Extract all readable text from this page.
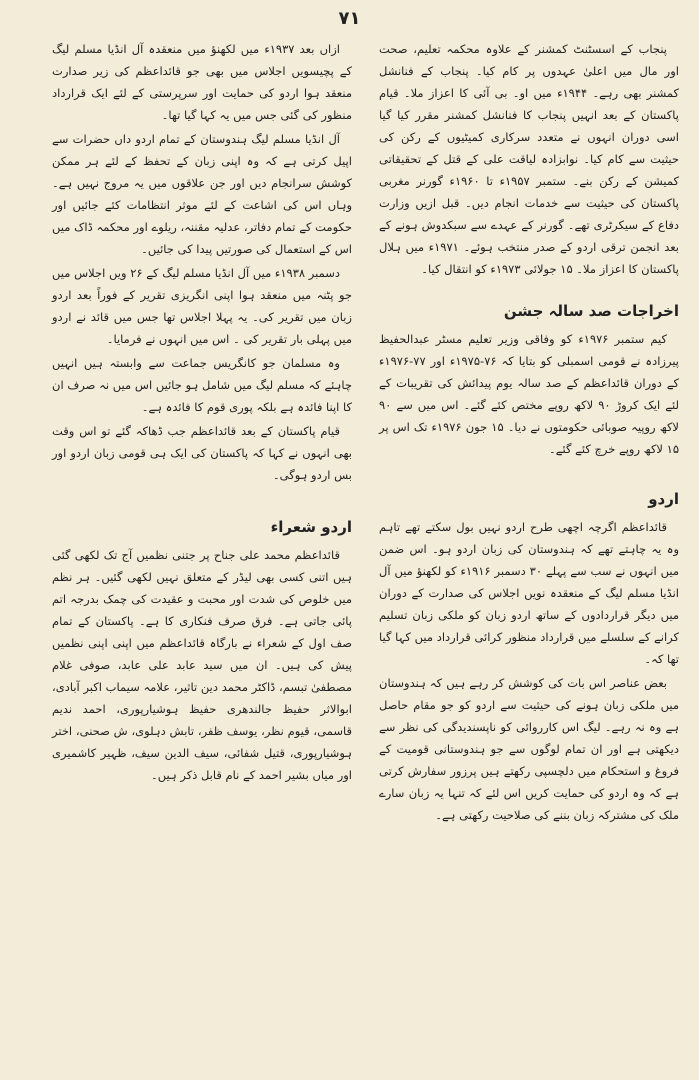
۷۱

پنجاب کے اسسٹنٹ کمشنر کے علاوہ محکمہ تعلیم، صحت اور مال میں اعلیٰ عہدوں پر کام کیا۔ پنجاب کے فنانشل کمشنر بھی رہے۔ ۱۹۴۴ء میں او۔ بی آئی کا اعزاز ملا۔ قیام پاکستان کے بعد انہیں پنجاب کا فنانشل کمشنر مقرر کیا گیا اسی دوران انہوں نے متعدد سرکاری کمیٹیوں کے رکن کی حیثیت سے کام کیا۔ نوابزادہ لیاقت علی کے قتل کے تحقیقاتی کمیشن کے رکن بنے۔ ستمبر ۱۹۵۷ء تا ۱۹۶۰ء گورنر مغربی پاکستان کی حیثیت سے خدمات انجام دیں۔ قبل ازیں وزارت دفاع کے سیکرٹری تھے۔ گورنر کے عہدے سے سبکدوش ہونے کے بعد انجمن ترقی اردو کے صدر منتخب ہوئے۔ ۱۹۷۱ء میں ہلال پاکستان کا اعزاز ملا۔ ۱۵ جولائی ۱۹۷۳ء کو انتقال کیا۔

اخراجات صد سالہ جشن

کیم ستمبر ۱۹۷۶ء کو وفاقی وزیر تعلیم مسٹر عبدالحفیظ پیرزادہ نے قومی اسمبلی کو بتایا کہ ۷۶-۱۹۷۵ء اور ۷۷-۱۹۷۶ء کے دوران قائداعظم کے صد سالہ یوم پیدائش کی تقریبات کے لئے ایک کروڑ ۹۰ لاکھ روپے مختص کئے گئے۔ اس میں سے ۹۰ لاکھ روپیہ صوبائی حکومتوں نے دیا۔ ۱۵ جون ۱۹۷۶ء تک اس پر ۱۵ لاکھ روپے خرچ کئے گئے۔

اردو

قائداعظم اگرچہ اچھی طرح اردو نہیں بول سکتے تھے تاہم وہ یہ چاہتے تھے کہ ہندوستان کی زبان اردو ہو۔ اس ضمن میں انہوں نے سب سے پہلے ۳۰ دسمبر ۱۹۱۶ء کو لکھنؤ میں آل انڈیا مسلم لیگ کے منعقدہ نویں اجلاس کی صدارت کے دوران میں دیگر قراردادوں کے ساتھ اردو زبان کو ملکی زبان تسلیم کرانے کے سلسلے میں قرارداد منظور کرائی قرارداد میں کہا گیا تھا کہ۔

بعض عناصر اس بات کی کوشش کر رہے ہیں کہ ہندوستان میں ملکی زبان ہونے کی حیثیت سے اردو کو جو مقام حاصل ہے وہ نہ رہے۔ لیگ اس کارروائی کو ناپسندیدگی کی نظر سے دیکھتی ہے اور ان تمام لوگوں سے جو ہندوستانی قومیت کے فروغ و استحکام میں دلچسپی رکھتے ہیں پرزور سفارش کرتی ہے کہ وہ اردو کی حمایت کریں اس لئے کہ تنہا یہ زبان سارے ملک کی مشترکہ زبان بننے کی صلاحیت رکھتی ہے۔

ازاں بعد ۱۹۳۷ء میں لکھنؤ میں منعقدہ آل انڈیا مسلم لیگ کے پچیسویں اجلاس میں بھی جو قائداعظم کی زیر صدارت منعقد ہوا اردو کی حمایت اور سرپرستی کے لئے ایک قرارداد منظور کی گئی جس میں یہ کہا گیا تھا۔

آل انڈیا مسلم لیگ ہندوستان کے تمام اردو داں حضرات سے اپیل کرتی ہے کہ وہ اپنی زبان کے تحفظ کے لئے ہر ممکن کوشش سرانجام دیں اور جن علاقوں میں یہ مروج نہیں ہے۔ وہاں اس کی اشاعت کے لئے موثر انتظامات کئے جائیں اور حکومت کے تمام دفاتر، عدلیہ مقننہ، ریلوے اور محکمہ ڈاک میں اس کے استعمال کی صورتیں پیدا کی جائیں۔

دسمبر ۱۹۳۸ء میں آل انڈیا مسلم لیگ کے ۲۶ ویں اجلاس میں جو پٹنہ میں منعقد ہوا اپنی انگریزی تقریر کے فوراً بعد اردو زبان میں تقریر کی۔ یہ پہلا اجلاس تھا جس میں قائد نے اردو میں پہلی بار تقریر کی ۔ اس میں انہوں نے فرمایا۔

وہ مسلمان جو کانگریس جماعت سے وابستہ ہیں انہیں چاہئے کہ مسلم لیگ میں شامل ہو جائیں اس میں نہ صرف ان کا اپنا فائدہ ہے بلکہ پوری قوم کا فائدہ ہے۔

قیام پاکستان کے بعد قائداعظم جب ڈھاکہ گئے تو اس وقت بھی انہوں نے کہا کہ پاکستان کی ایک ہی قومی زبان اردو اور بس اردو ہوگی۔

اردو شعراء

قائداعظم محمد علی جناح پر جتنی نظمیں آج تک لکھی گئی ہیں اتنی کسی بھی لیڈر کے متعلق نہیں لکھی گئیں۔ ہر نظم میں خلوص کی شدت اور محبت و عقیدت کی چمک بدرجہ اتم پائی جاتی ہے۔ فرق صرف فنکاری کا ہے۔ پاکستان کے تمام صف اول کے شعراء نے بارگاہ قائداعظم میں اپنی اپنی نظمیں پیش کی ہیں۔ ان میں سید عابد علی عابد، صوفی غلام مصطفیٰ تبسم، ڈاکٹر محمد دین تاثیر، علامہ سیماب اکبر آبادی، ابوالاثر حفیظ جالندھری حفیظ ہوشیارپوری، احمد ندیم قاسمی، قیوم نظر، یوسف ظفر، تابش دہلوی، ش صحنی، اختر ہوشیارپوری، قتیل شفائی، سیف الدین سیف، ظہیر کاشمیری اور میاں بشیر احمد کے نام قابل ذکر ہیں۔
